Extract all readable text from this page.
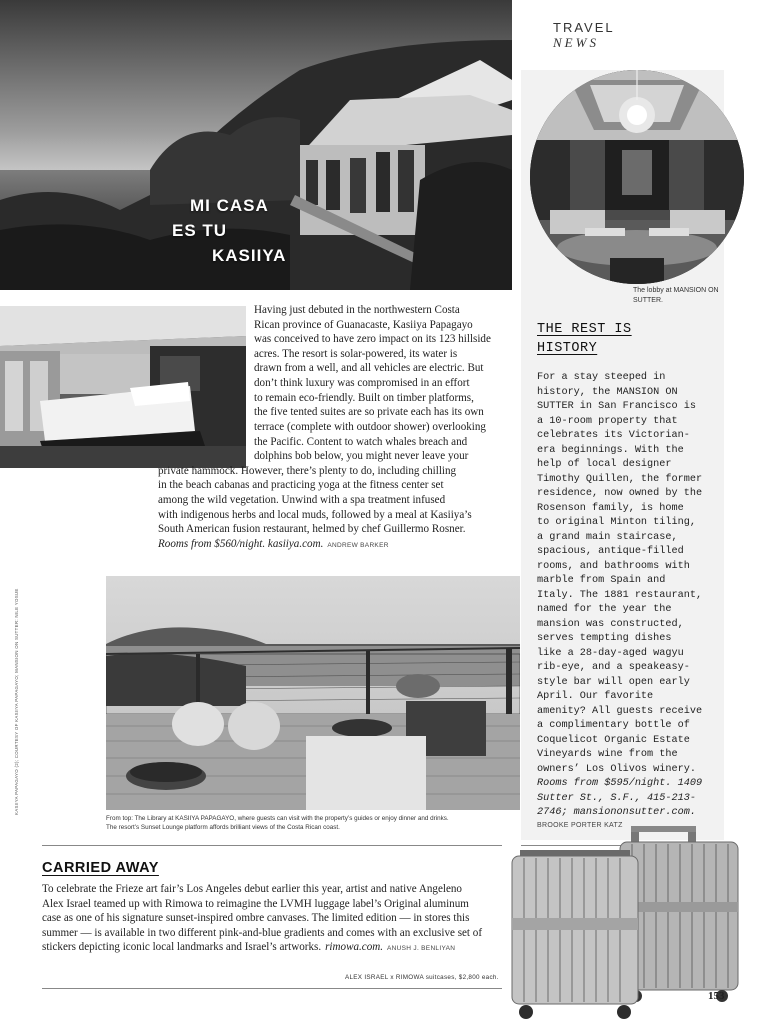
MI CASA
ES TU
KASIIYA
TRAVEL
NEWS
The lobby at MANSION ON SUTTER.
THE REST IS
HISTORY
For a stay steeped in
history, the MANSION ON
SUTTER in San Francisco is
a 10-room property that
celebrates its Victorian-
era beginnings. With the
help of local designer
Timothy Quillen, the former
residence, now owned by the
Rosenson family, is home
to original Minton tiling,
a grand main staircase,
spacious, antique-filled
rooms, and bathrooms with
marble from Spain and
Italy. The 1881 restaurant,
named for the year the
mansion was constructed,
serves tempting dishes
like a 28-day-aged wagyu
rib-eye, and a speakeasy-
style bar will open early
April. Our favorite
amenity? All guests receive
a complimentary bottle of
Coquelicot Organic Estate
Vineyards wine from the
owners’ Los Olivos winery.
Rooms from $595/night. 1409
Sutter St., S.F., 415-213-
2746; mansiononsutter.com.
BROOKE PORTER KATZ
Having just debuted in the northwestern Costa
Rican province of Guanacaste, Kasiiya Papagayo
was conceived to have zero impact on its 123 hillside
acres. The resort is solar-powered, its water is
drawn from a well, and all vehicles are electric. But
don’t think luxury was compromised in an effort
to remain eco-friendly. Built on timber platforms,
the five tented suites are so private each has its own
terrace (complete with outdoor shower) overlooking
the Pacific. Content to watch whales breach and
dolphins bob below, you might never leave your
private hammock. However, there’s plenty to do, including chilling
in the beach cabanas and practicing yoga at the fitness center set
among the wild vegetation. Unwind with a spa treatment infused
with indigenous herbs and local muds, followed by a meal at Kasiiya’s
South American fusion restaurant, helmed by chef Guillermo Rosner.
Rooms from $560/night. kasiiya.com. ANDREW BARKER
From top: The Library at KASIIYA PAPAGAYO, where guests can visit with the property’s guides or enjoy dinner and drinks.
The resort’s Sunset Lounge platform affords brilliant views of the Costa Rican coast.
KASIIYA PAPAGAYO (2); COURTESY OF KASIIYA PAPAGAYO; MANSION ON SUTTER: NILE YOSUE
CARRIED AWAY
To celebrate the Frieze art fair’s Los Angeles debut earlier this year, artist and native Angeleno
Alex Israel teamed up with Rimowa to reimagine the LVMH luggage label’s Original aluminum
case as one of his signature sunset-inspired ombre canvases. The limited edition — in stores this
summer — is available in two different pink-and-blue gradients and comes with an exclusive set of
stickers depicting iconic local landmarks and Israel’s artworks. rimowa.com. ANUSH J. BENLIYAN
ALEX ISRAEL x RIMOWA suitcases, $2,800 each.
153
